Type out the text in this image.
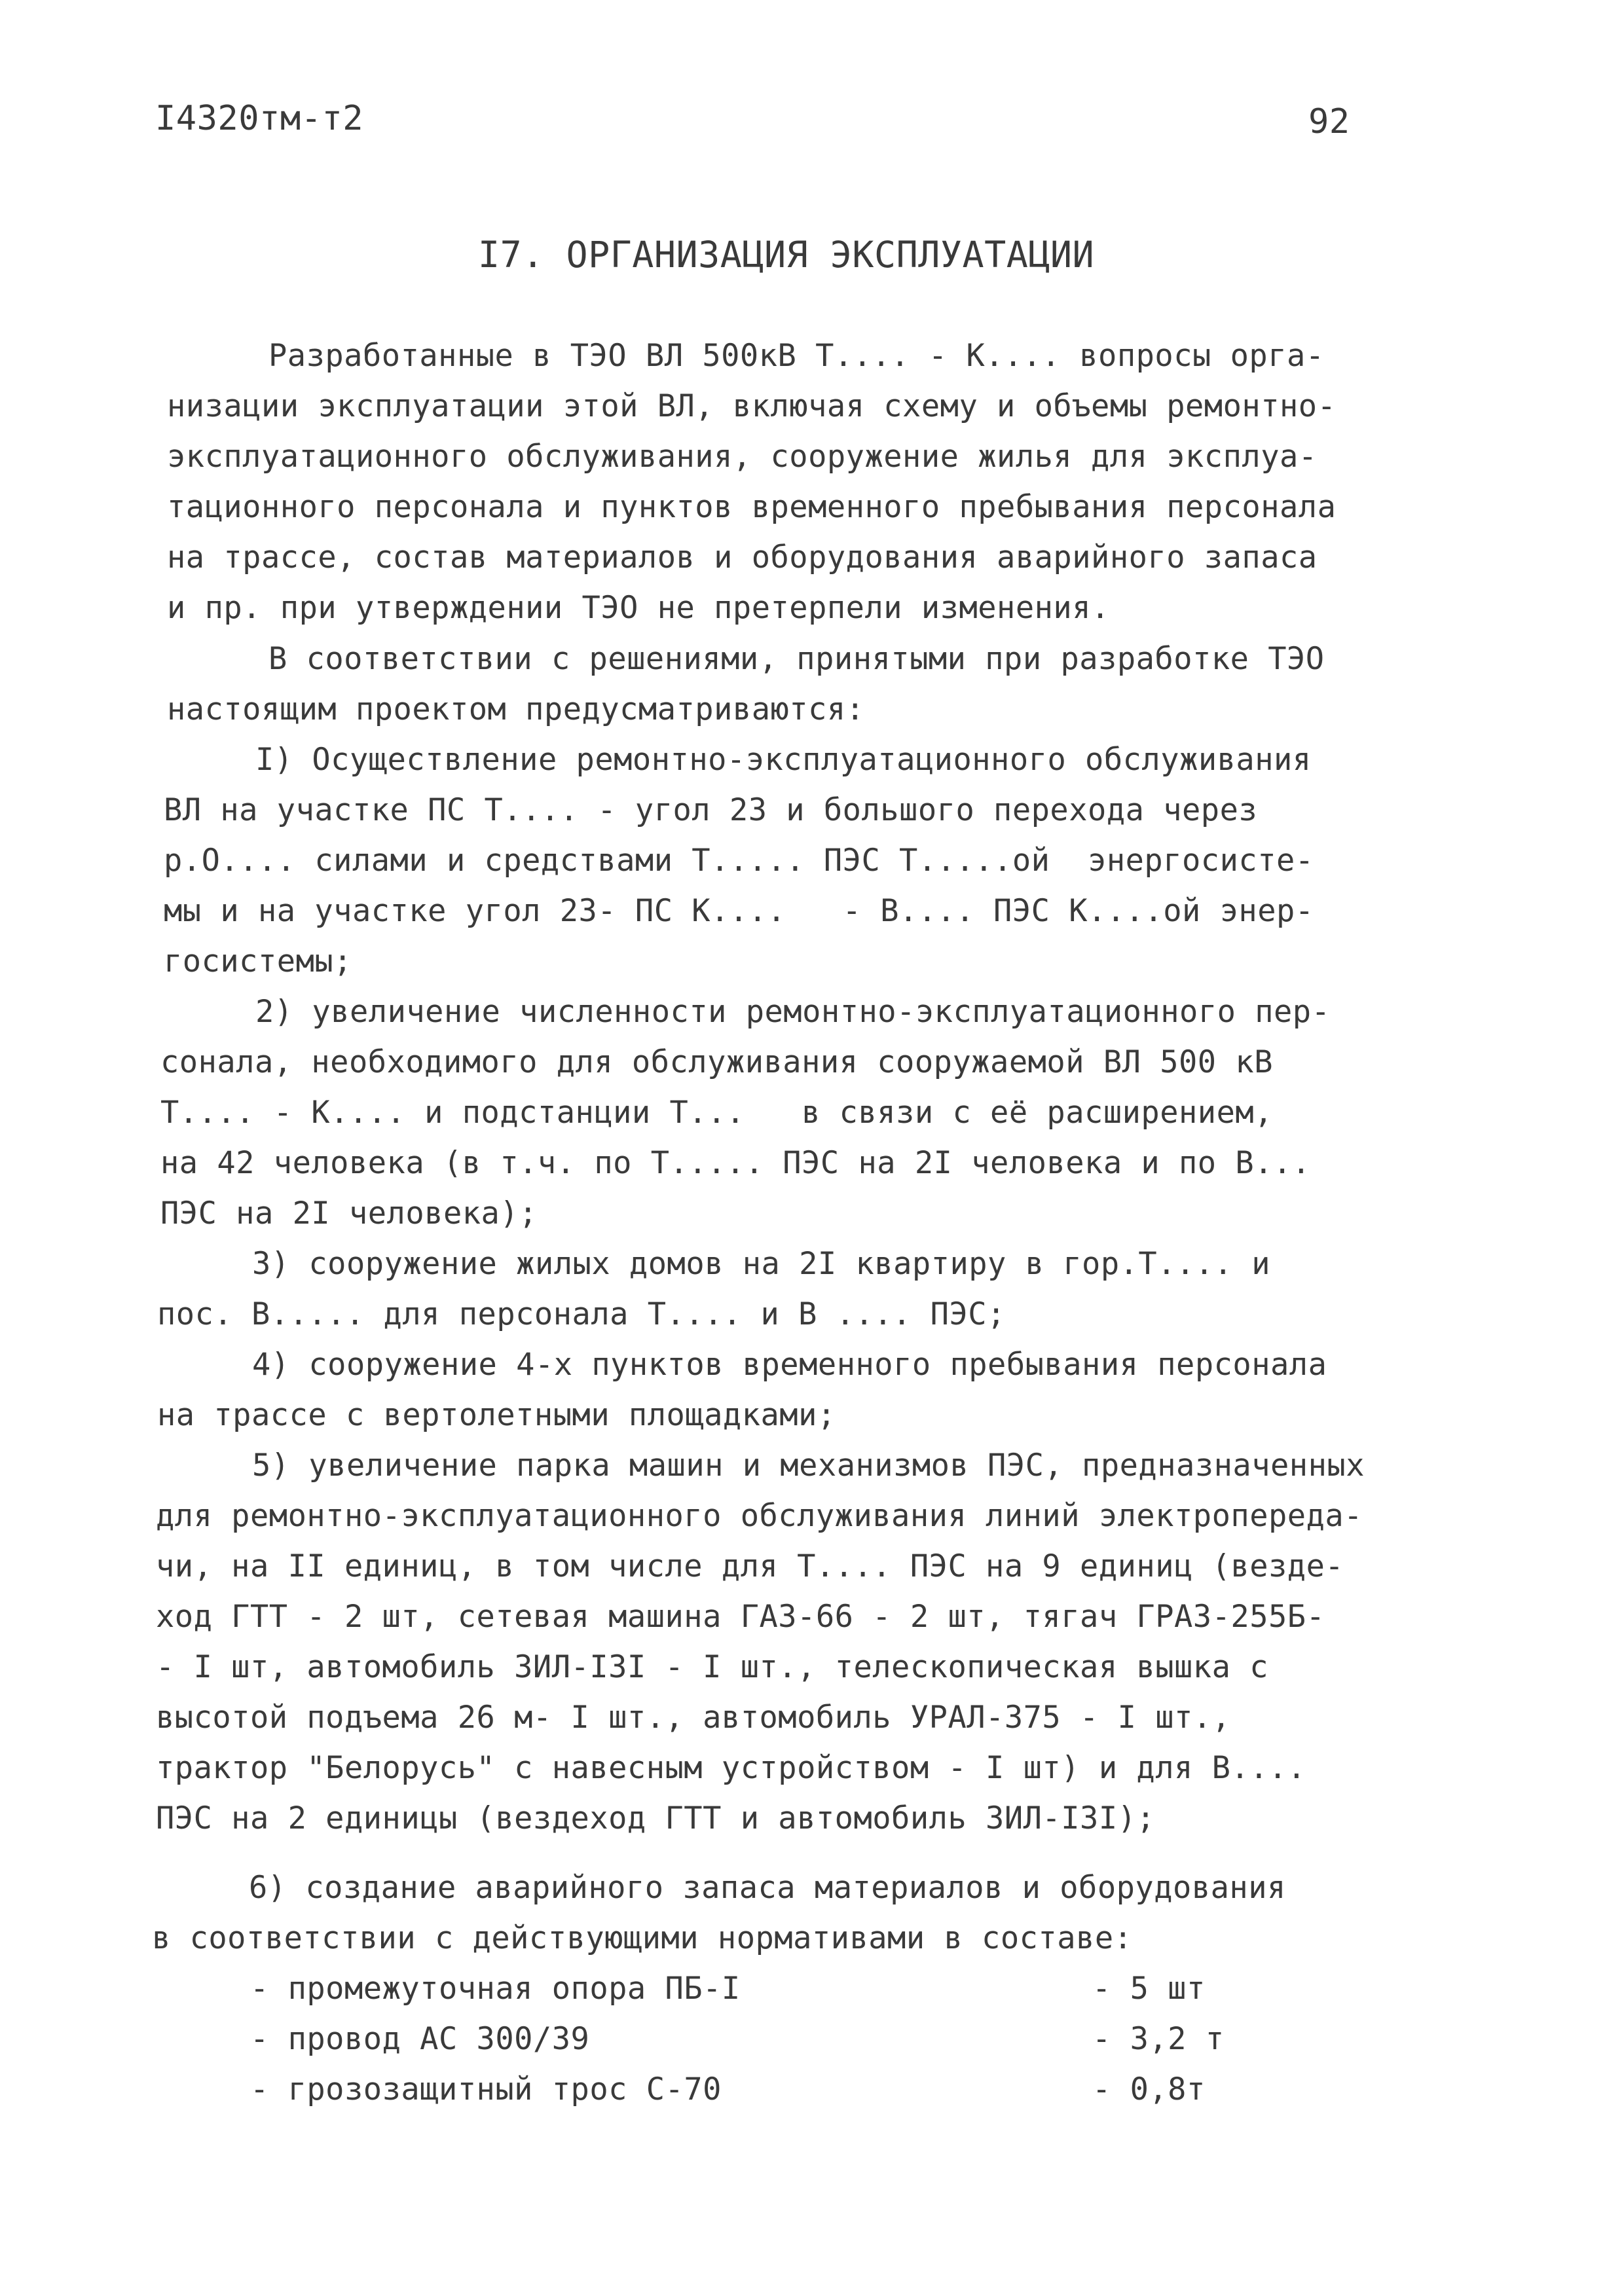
I4320тм-т2	92
I7. ОРГАНИЗАЦИЯ ЭКСПЛУАТАЦИИ
Разработанные в ТЭО ВЛ 500кВ Т.... - К.... вопросы орга-
низации эксплуатации этой ВЛ, включая схему и объемы ремонтно-
эксплуатационного обслуживания, сооружение жилья для эксплуа-
тационного персонала и пунктов временного пребывания персонала
на трассе, состав материалов и оборудования аварийного запаса
и пр. при утверждении ТЭО не претерпели изменения.
В соответствии с решениями, принятыми при разработке ТЭО
настоящим проектом предусматриваются:
I) Осуществление ремонтно-эксплуатационного обслуживания
ВЛ на участке ПС Т.... - угол 23 и большого перехода через
р.О.... силами и средствами Т..... ПЭС Т.....ой  энергосисте-
мы и на участке угол 23- ПС К....   - В.... ПЭС К....ой энер-
госистемы;
2) увеличение численности ремонтно-эксплуатационного пер-
сонала, необходимого для обслуживания сооружаемой ВЛ 500 кВ
Т.... - К.... и подстанции Т...   в связи с её расширением,
на 42 человека (в т.ч. по Т..... ПЭС на 2I человека и по В...
ПЭС на 2I человека);
3) сооружение жилых домов на 2I квартиру в гор.Т.... и
пос. В..... для персонала Т.... и В .... ПЭС;
4) сооружение 4-х пунктов временного пребывания персонала
на трассе с вертолетными площадками;
5) увеличение парка машин и механизмов ПЭС, предназначенных
для ремонтно-эксплуатационного обслуживания линий электропереда-
чи, на II единиц, в том числе для Т.... ПЭС на 9 единиц (везде-
ход ГТТ - 2 шт, сетевая машина ГАЗ-66 - 2 шт, тягач ГРАЗ-255Б-
- I шт, автомобиль ЗИЛ-I3I - I шт., телескопическая вышка с
высотой подъема 26 м- I шт., автомобиль УРАЛ-375 - I шт.,
трактор "Белорусь" с навесным устройством - I шт) и для В....
ПЭС на 2 единицы (вездеход ГТТ и автомобиль ЗИЛ-I3I);
6) создание аварийного запаса материалов и оборудования
в соответствии с действующими нормативами в составе:
- промежуточная опора ПБ-I	- 5 шт
- провод АС 300/39	- 3,2 т
- грозозащитный трос С-70	- 0,8т
